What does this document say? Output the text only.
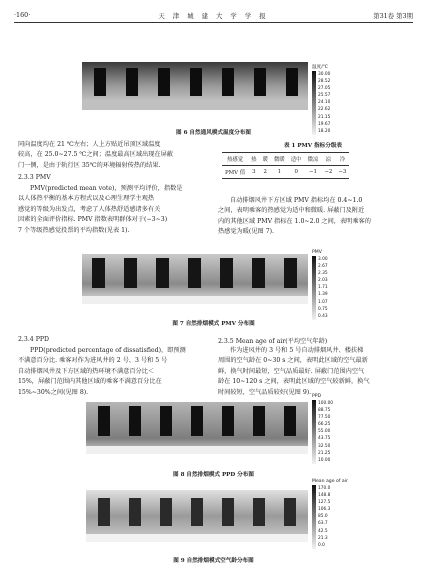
·160·	天 津 城 建 大 学 学 报	第31卷 第3期
温度/℃
30.00
28.52
27.05
25.57
24.10
22.62
21.15
19.67
18.20
图 6 自然通风模式温度分布图
同向温度均在 21 ℃左右；人上方贴近吊顶区域温度
较高，在 25.0~27.5 ℃之间；温度最高区域出现在屏蔽
门一侧，是由于轨行区 35℃的环境辐射传热的结果.
2.3.3 PMV
PMV(predicted mean vote)，预测平均评价，指数是
以人体热平衡的基本方程式以及心理生理学主观热
感觉的等级为出发点，考虑了人体热舒适感诸多有关
因素的全面评价指标. PMV 指数表明群体对于(−3~3)
7 个等级热感觉投票的平均指数(见表 1).
表 1 PMV 指标分级表
热感觉	热	暖	微暖	适中	微凉	凉	冷
PMV 值	3	2	1	0	−1	−2	−3
自动排烟风井下方区域 PMV 指标均在 0.4~1.0
之间，表明乘客的热感觉为适中和微暖. 屏蔽门及附近
内的其他区域 PMV 指标在 1.0~2.0 之间，表明乘客的
热感觉为暖(见图 7).
PMV
3.00
2.67
2.35
2.03
1.71
1.39
1.07
0.75
0.43
图 7 自然排烟模式 PMV 分布图
2.3.4 PPD
PPD(predicted percentage of dissatisfied)，即预测
不满意百分比. 乘客对作为进风井的 2 号、3 号和 5 号
自动排烟风井及下方区域的热环境不满意百分比＜
15%，屏蔽门范围内其他区域的乘客不满意百分比在
15%~30%之间(见图 8).
2.3.5 Mean age of air(平均空气年龄)
作为进风井的 3 号和 5 号自动排烟风井、楼扶梯
周围的空气龄在 0~30 s 之间，表明此区域的空气最新
鲜，换气时间最短，空气品质最好. 屏蔽门范围内空气
龄在 10~120 s 之间，表明此区域的空气较新鲜，换气
时间较短，空气品质较好(见图 9).
PPD
100.00
88.75
77.50
66.25
55.00
43.75
32.50
21.25
10.00
图 8 自然排烟模式 PPD 分布图
Mean age of air
170.0
148.8
127.5
106.3
85.0
63.7
42.5
21.3
0.0
图 9 自然排烟模式空气龄分布图
